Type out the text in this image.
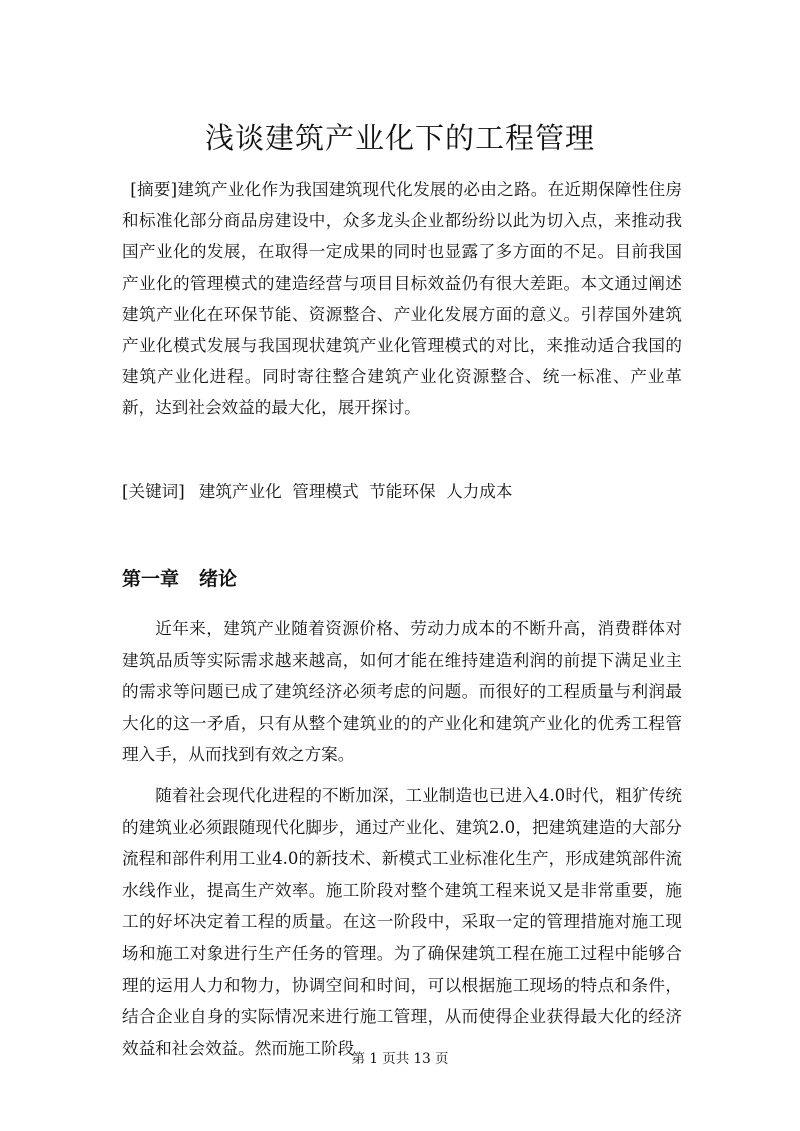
浅谈建筑产业化下的工程管理

[摘要]建筑产业化作为我国建筑现代化发展的必由之路。在近期保障性住房和标准化部分商品房建设中，众多龙头企业都纷纷以此为切入点，来推动我国产业化的发展，在取得一定成果的同时也显露了多方面的不足。目前我国产业化的管理模式的建造经营与项目目标效益仍有很大差距。本文通过阐述建筑产业化在环保节能、资源整合、产业化发展方面的意义。引荐国外建筑产业化模式发展与我国现状建筑产业化管理模式的对比，来推动适合我国的建筑产业化进程。同时寄往整合建筑产业化资源整合、统一标准、产业革新，达到社会效益的最大化，展开探讨。

[关键词] 建筑产业化  管理模式  节能环保  人力成本

第一章 绪论

近年来，建筑产业随着资源价格、劳动力成本的不断升高，消费群体对建筑品质等实际需求越来越高，如何才能在维持建造利润的前提下满足业主的需求等问题已成了建筑经济必须考虑的问题。而很好的工程质量与利润最大化的这一矛盾，只有从整个建筑业的的产业化和建筑产业化的优秀工程管理入手，从而找到有效之方案。

随着社会现代化进程的不断加深，工业制造也已进入4.0时代，粗犷传统的建筑业必须跟随现代化脚步，通过产业化、建筑2.0，把建筑建造的大部分流程和部件利用工业4.0的新技术、新模式工业标准化生产，形成建筑部件流水线作业，提高生产效率。施工阶段对整个建筑工程来说又是非常重要，施工的好坏决定着工程的质量。在这一阶段中，采取一定的管理措施对施工现场和施工对象进行生产任务的管理。为了确保建筑工程在施工过程中能够合理的运用人力和物力，协调空间和时间，可以根据施工现场的特点和条件，结合企业自身的实际情况来进行施工管理，从而使得企业获得最大化的经济效益和社会效益。然而施工阶段

第 1 页共 13 页
